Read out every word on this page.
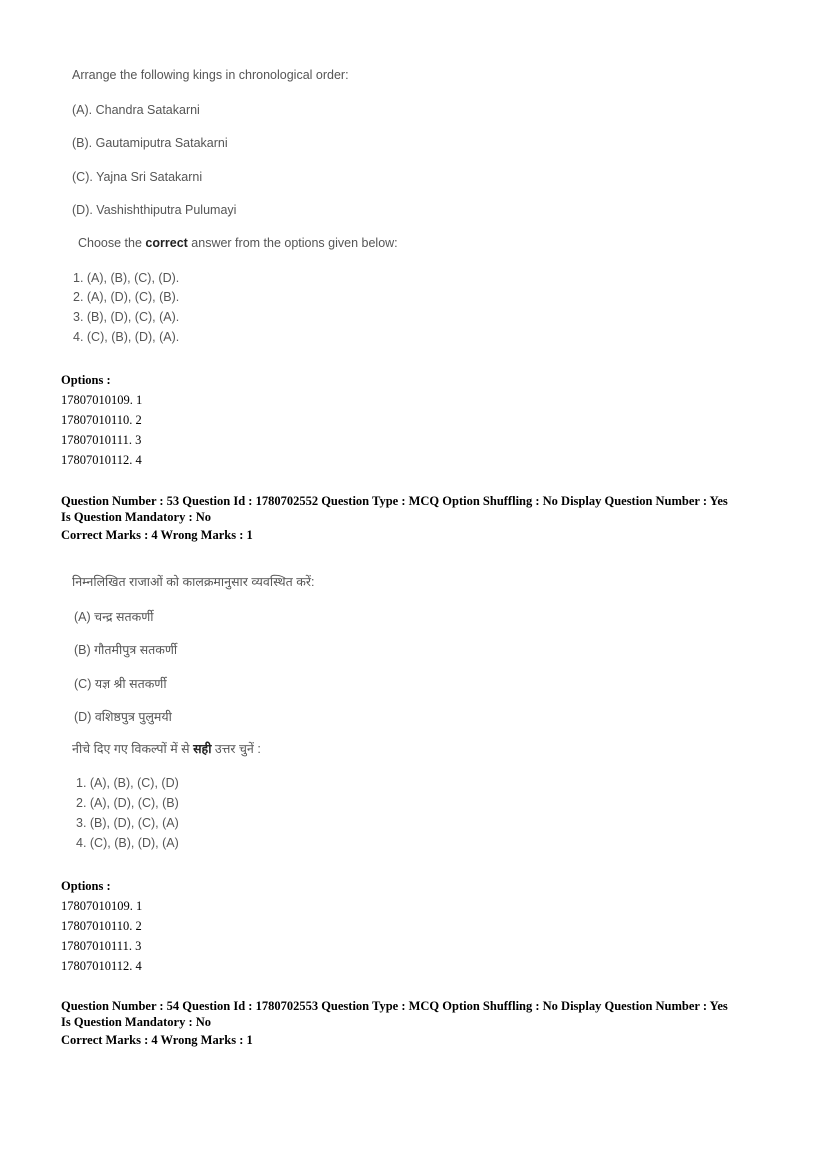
Arrange the following kings in chronological order:
(A). Chandra Satakarni
(B). Gautamiputra Satakarni
(C). Yajna Sri Satakarni
(D). Vashishthiputra Pulumayi
Choose the correct answer from the options given below:
1. (A), (B), (C), (D).
2. (A), (D), (C), (B).
3. (B), (D), (C), (A).
4. (C), (B), (D), (A).
Options :
17807010109. 1
17807010110. 2
17807010111. 3
17807010112. 4
Question Number : 53 Question Id : 1780702552 Question Type : MCQ Option Shuffling : No Display Question Number : Yes
Is Question Mandatory : No
Correct Marks : 4 Wrong Marks : 1
निम्नलिखित राजाओं को कालक्रमानुसार व्यवस्थित करें:
(A) चन्द्र सतकर्णी
(B) गौतमीपुत्र सतकर्णी
(C) यज्ञ श्री सतकर्णी
(D) वशिष्ठपुत्र पुलुमयी
नीचे दिए गए विकल्पों में से सही उत्तर चुनें :
1. (A), (B), (C), (D)
2. (A), (D), (C), (B)
3. (B), (D), (C), (A)
4. (C), (B), (D), (A)
Options :
17807010109. 1
17807010110. 2
17807010111. 3
17807010112. 4
Question Number : 54 Question Id : 1780702553 Question Type : MCQ Option Shuffling : No Display Question Number : Yes
Is Question Mandatory : No
Correct Marks : 4 Wrong Marks : 1
